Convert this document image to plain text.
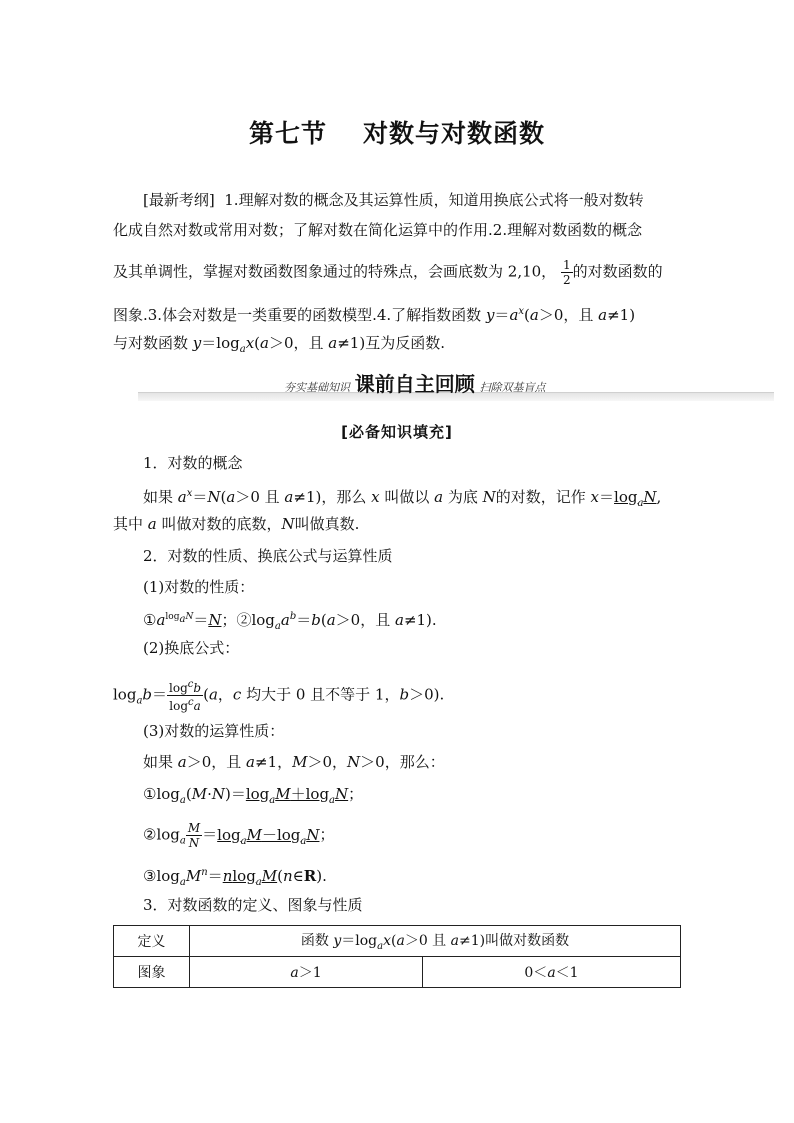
第七节 对数与对数函数
[最新考纲] 1.理解对数的概念及其运算性质，知道用换底公式将一般对数转
化成自然对数或常用对数；了解对数在简化运算中的作用.2.理解对数函数的概念
及其单调性，掌握对数函数图象通过的特殊点，会画底数为 2,10， $\frac{1}{2}$ 的对数函数的
图象.3.体会对数是一类重要的函数模型.4.了解指数函数 $y=a^x(a>0$，且 a≠1)
与对数函数 $y=\log_ax(a>0$，且 a≠1)互为反函数.
夯实基础知识 课前自主回顾 扫除双基盲点
[必备知识填充]
1．对数的概念
如果 $a^x=N(a>0$ 且 a≠1)，那么 x 叫做以 a 为底 N的对数，记作 $x=\log_aN$,
其中 a 叫做对数的底数，N叫做真数.
2．对数的性质、换底公式与运算性质
(1)对数的性质：
$①a^{log_aN}=N$；$②\log_aa^b=b(a>0$，且 a≠1).
(2)换底公式：
$\log_ab= \frac{\log^cb}{\log^ca} (a$，c 均大于 0 且不等于 1，b＞0).
(3)对数的运算性质：
如果 a＞0，且 a≠1，M＞0，N＞0，那么：
$①\log_a(M\cdot N)=\log_aM+\log_aN$；
$②\log_a \frac{M}{N} =\log_aM-\log_aN$；
$③\log_aM^n=nlog_aM(n\in R)$.
3．对数函数的定义、图象与性质
定义	函数 $y=\log_ax(a>0$ 且 a≠1)叫做对数函数	
图象	a＞1	0＜a＜1
